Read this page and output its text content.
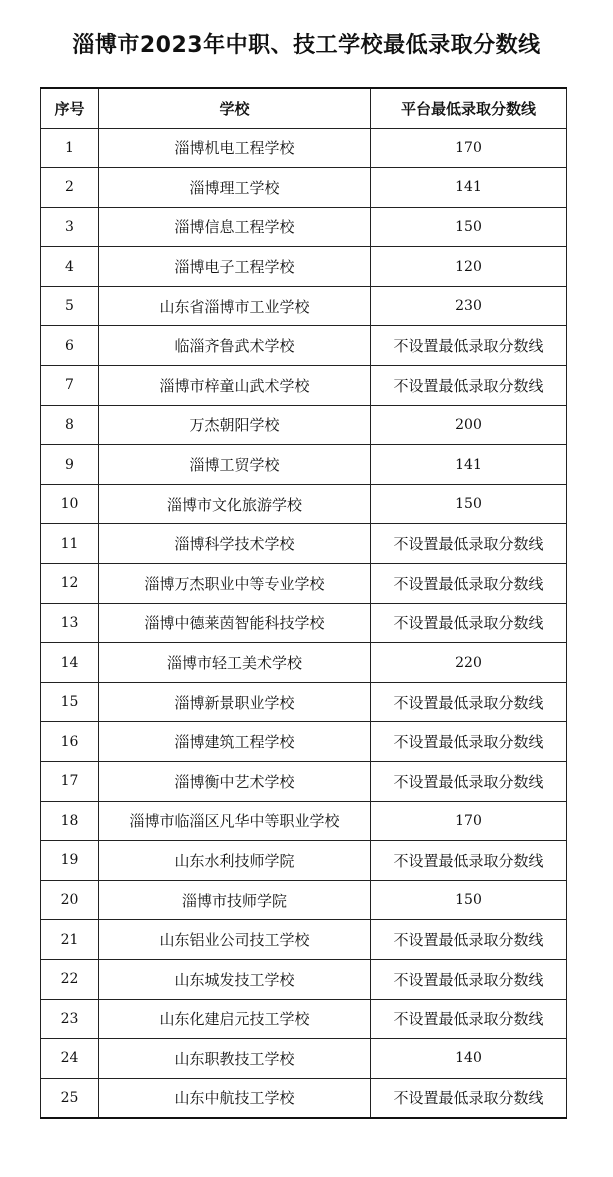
淄博市2023年中职、技工学校最低录取分数线
序号	学校	平台最低录取分数线
1	淄博机电工程学校	170
2	淄博理工学校	141
3	淄博信息工程学校	150
4	淄博电子工程学校	120
5	山东省淄博市工业学校	230
6	临淄齐鲁武术学校	不设置最低录取分数线
7	淄博市梓童山武术学校	不设置最低录取分数线
8	万杰朝阳学校	200
9	淄博工贸学校	141
10	淄博市文化旅游学校	150
11	淄博科学技术学校	不设置最低录取分数线
12	淄博万杰职业中等专业学校	不设置最低录取分数线
13	淄博中德莱茵智能科技学校	不设置最低录取分数线
14	淄博市轻工美术学校	220
15	淄博新景职业学校	不设置最低录取分数线
16	淄博建筑工程学校	不设置最低录取分数线
17	淄博衡中艺术学校	不设置最低录取分数线
18	淄博市临淄区凡华中等职业学校	170
19	山东水利技师学院	不设置最低录取分数线
20	淄博市技师学院	150
21	山东铝业公司技工学校	不设置最低录取分数线
22	山东城发技工学校	不设置最低录取分数线
23	山东化建启元技工学校	不设置最低录取分数线
24	山东职教技工学校	140
25	山东中航技工学校	不设置最低录取分数线
